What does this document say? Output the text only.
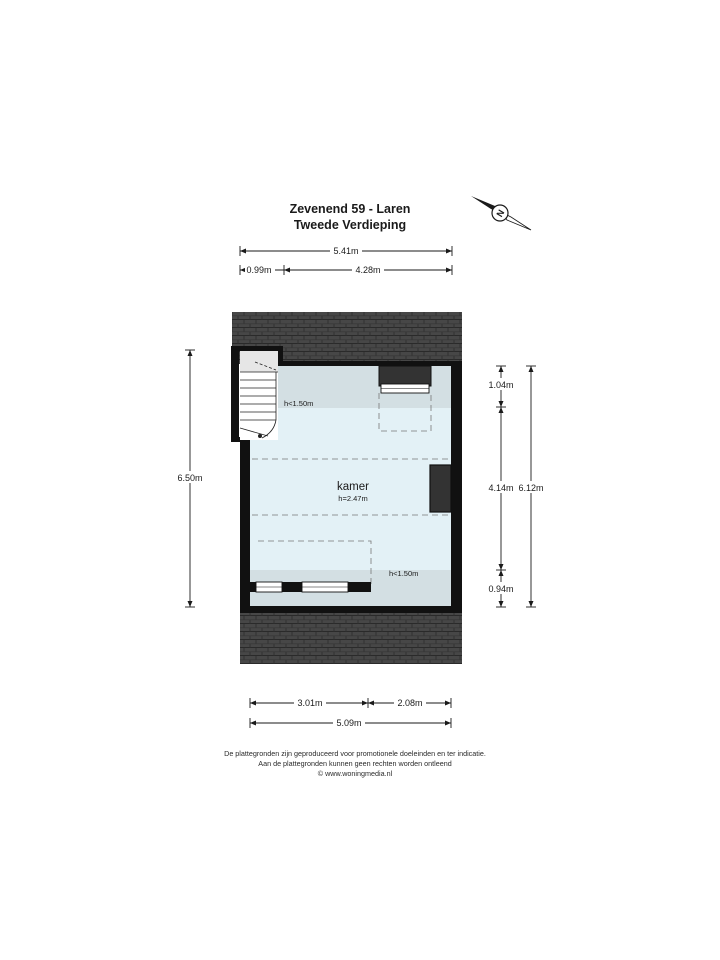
Zevenend 59 - Laren
Tweede Verdieping
N
5.41m
0.99m	4.28m
kamer
h=2.47m
h<1.50m
h<1.50m
6.50m
1.04m
4.14m
0.94m
6.12m
3.01m	2.08m
5.09m
De plattegronden zijn geproduceerd voor promotionele doeleinden en ter indicatie.
Aan de plattegronden kunnen geen rechten worden ontleend
© www.woningmedia.nl
